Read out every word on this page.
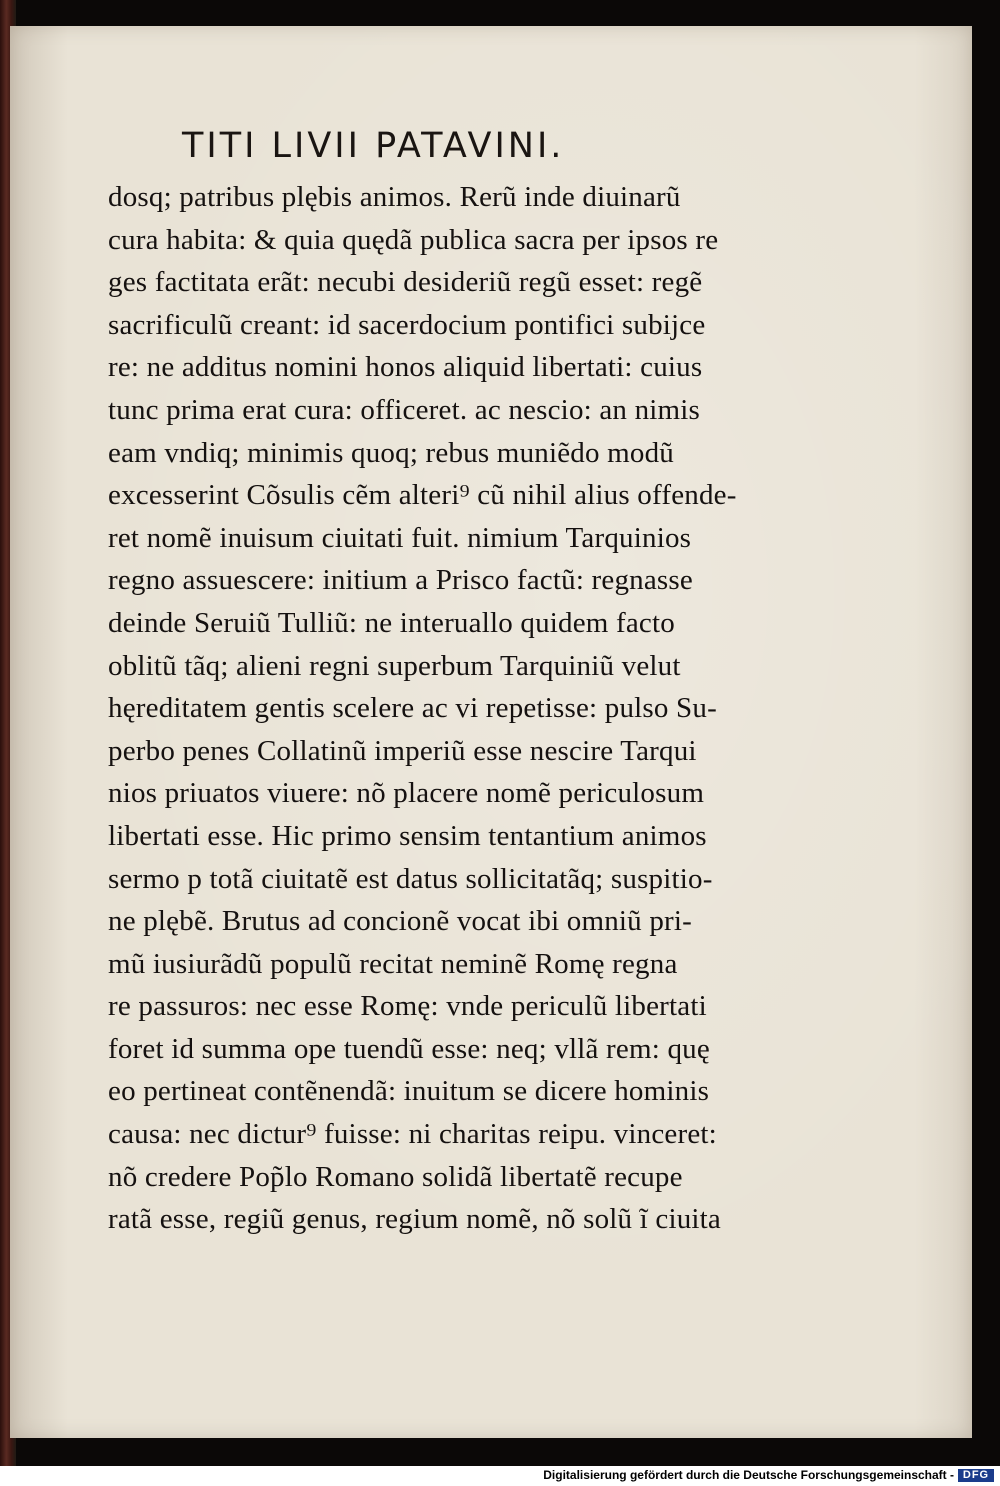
TITI LIVII PATAVINI.
dosq; patribus plębis animos. Rerũ inde diuinarũ
cura habita: & quia quędã publica sacra per ipsos re
ges factitata erãt: necubi desideriũ regũ esset: regẽ
sacrificulũ creant: id sacerdocium pontifici subijce
re: ne additus nomini honos aliquid libertati: cuius
tunc prima erat cura: officeret. ac nescio: an nimis
eam vndiq; minimis quoq; rebus muniẽdo modũ
excesserint Cõsulis cẽm alteri⁹ cũ nihil alius offende-
ret nomẽ inuisum ciuitati fuit. nimium Tarquinios
regno assuescere: initium a Prisco factũ: regnasse
deinde Seruiũ Tulliũ: ne interuallo quidem facto
oblitũ tãq; alieni regni superbum Tarquiniũ velut
hęreditatem gentis scelere ac vi repetisse: pulso Su-
perbo penes Collatinũ imperiũ esse nescire Tarqui
nios priuatos viuere: nõ placere nomẽ periculosum
libertati esse. Hic primo sensim tentantium animos
sermo p totã ciuitatẽ est datus sollicitatãq; suspitio-
ne plębẽ. Brutus ad concionẽ vocat ibi omniũ pri-
mũ iusiurãdũ populũ recitat neminẽ Romę regna
re passuros: nec esse Romę: vnde periculũ libertati
foret id summa ope tuendũ esse: neq; vllã rem: quę
eo pertineat contẽnendã: inuitum se dicere hominis
causa: nec dictur⁹ fuisse: ni charitas reipu. vinceret:
nõ credere Pop̃lo Romano solidã libertatẽ recupe
ratã esse, regiũ genus, regium nomẽ, nõ solũ ĩ ciuita
Digitalisierung gefördert durch die Deutsche Forschungsgemeinschaft - DFG
